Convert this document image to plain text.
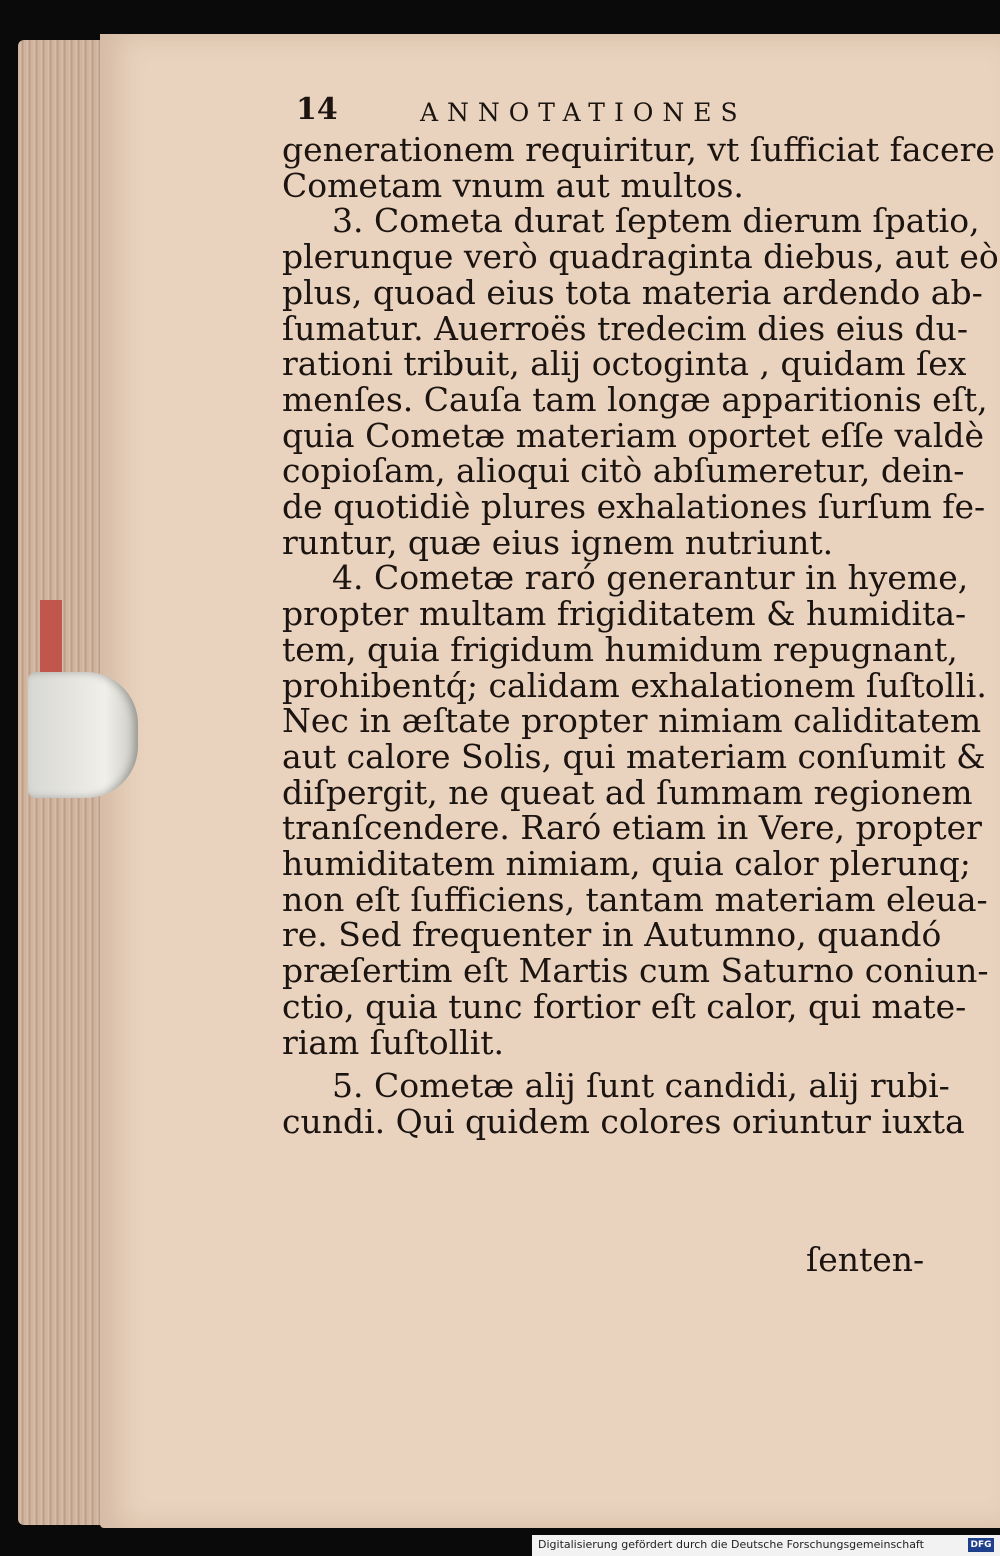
14	ANNOTATIONES
generationem requiritur, vt ſufficiat facere
Cometam vnum aut multos.
3. Cometa durat ſeptem dierum ſpatio,
plerunque verò quadraginta diebus, aut eò
plus, quoad eius tota materia ardendo ab-
ſumatur. Auerroës tredecim dies eius du-
rationi tribuit, alij octoginta , quidam ſex
menſes. Cauſa tam longæ apparitionis eſt,
quia Cometæ materiam oportet eſſe valdè
copioſam, alioqui citò abſumeretur, dein-
de quotidiè plures exhalationes ſurſum fe-
runtur, quæ eius ignem nutriunt.
4. Cometæ raró generantur in hyeme,
propter multam frigiditatem & humidita-
tem, quia frigidum humidum repugnant,
prohibentq́; calidam exhalationem ſuſtolli.
Nec in æſtate propter nimiam caliditatem
aut calore Solis, qui materiam conſumit &
diſpergit, ne queat ad ſummam regionem
tranſcendere. Raró etiam in Vere, propter
humiditatem nimiam, quia calor plerunq;
non eſt ſufficiens, tantam materiam eleua-
re. Sed frequenter in Autumno, quandó
præſertim eſt Martis cum Saturno coniun-
ctio, quia tunc fortior eſt calor, qui mate-
riam ſuſtollit.
5. Cometæ alij ſunt candidi, alij rubi-
cundi. Qui quidem colores oriuntur iuxta
ſenten-
Digitalisierung gefördert durch die Deutsche Forschungsgemeinschaft	DFG
